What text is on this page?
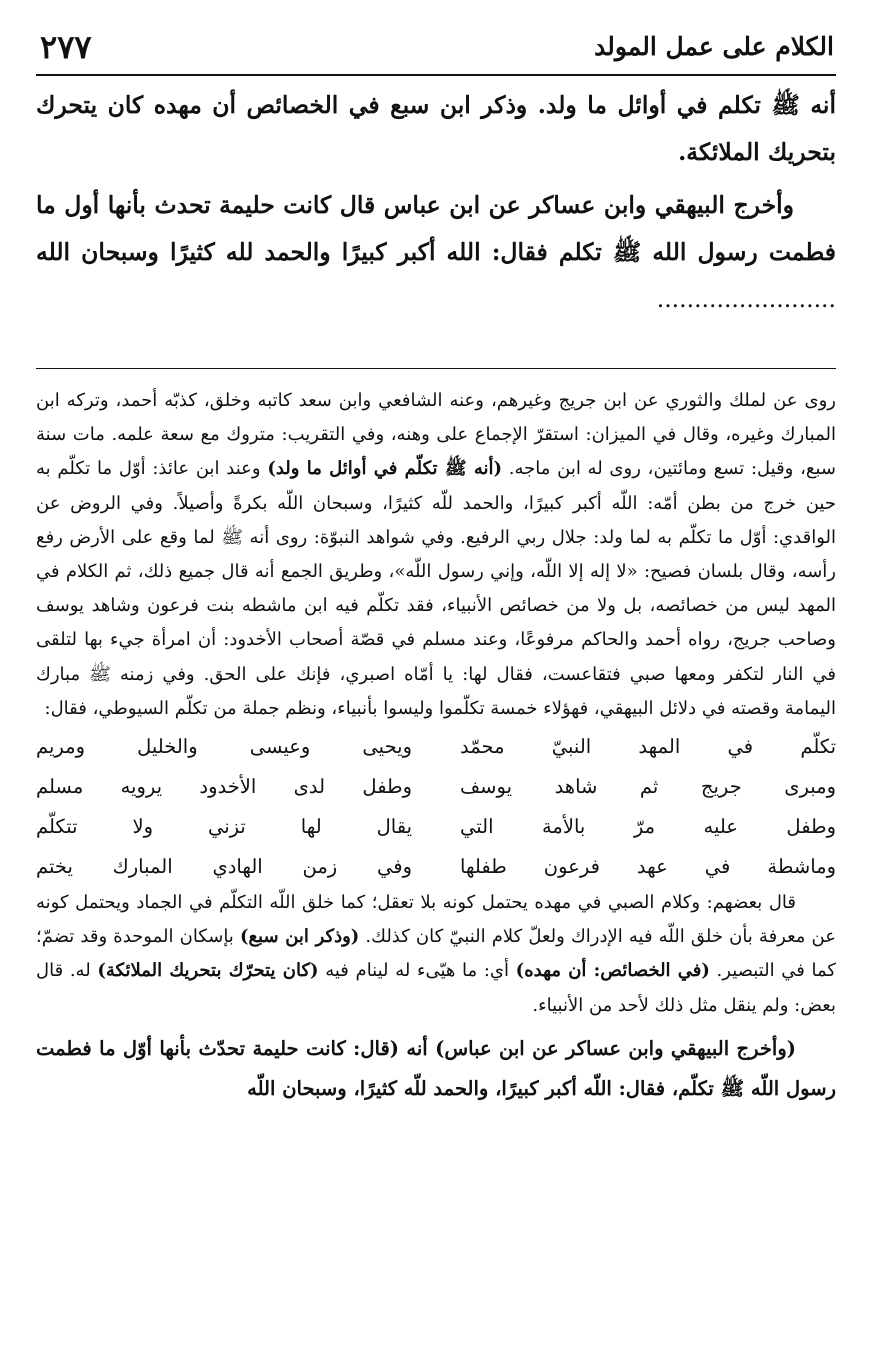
الكلام على عمل المولد
٢٧٧

أنه ﷺ تكلم في أوائل ما ولد. وذكر ابن سبع في الخصائص أن مهده كان يتحرك بتحريك الملائكة.

وأخرج البيهقي وابن عساكر عن ابن عباس قال كانت حليمة تحدث بأنها أول ما فطمت رسول الله ﷺ تكلم فقال: الله أكبر كبيرًا والحمد لله كثيرًا وسبحان الله ........................

روى عن لملك والثوري عن ابن جريج وغيرهم، وعنه الشافعي وابن سعد كاتبه وخلق، كذبّه أحمد، وتركه ابن المبارك وغيره، وقال في الميزان: استقرّ الإجماع على وهنه، وفي التقريب: متروك مع سعة علمه. مات سنة سبع، وقيل: تسع ومائتين، روى له ابن ماجه. (أنه ﷺ تكلّم في أوائل ما ولد) وعند ابن عائذ: أوّل ما تكلّم به حين خرج من بطن أمّه: اللّه أكبر كبيرًا، والحمد للّه كثيرًا، وسبحان اللّه بكرةً وأصيلاً. وفي الروض عن الواقدي: أوّل ما تكلّم به لما ولد: جلال ربي الرفيع. وفي شواهد النبوّة: روى أنه ﷺ لما وقع على الأرض رفع رأسه، وقال بلسان فصيح: «لا إله إلا اللّه، وإني رسول اللّه»، وطريق الجمع أنه قال جميع ذلك، ثم الكلام في المهد ليس من خصائصه، بل ولا من خصائص الأنبياء، فقد تكلّم فيه ابن ماشطه بنت فرعون وشاهد يوسف وصاحب جريج، رواه أحمد والحاكم مرفوعًا، وعند مسلم في قصّة أصحاب الأخدود: أن امرأة جيء بها لتلقى في النار لتكفر ومعها صبي فتقاعست، فقال لها: يا أمّاه اصبري، فإنك على الحق. وفي زمنه ﷺ مبارك اليمامة وقصته في دلائل البيهقي، فهؤلاء خمسة تكلّموا وليسوا بأنبياء، ونظم جملة من تكلّم السيوطي، فقال:

تكلّم في المهد النبيّ محمّد
ويحيى وعيسى والخليل ومريم
ومبرى جريج ثم شاهد يوسف
وطفل لدى الأخدود يرويه مسلم
وطفل عليه مرّ بالأمة التي
يقال لها تزني ولا تتكلّم
وماشطة في عهد فرعون طفلها
وفي زمن الهادي المبارك يختم

قال بعضهم: وكلام الصبي في مهده يحتمل كونه بلا تعقل؛ كما خلق اللّه التكلّم في الجماد ويحتمل كونه عن معرفة بأن خلق اللّه فيه الإدراك ولعلّ كلام النبيّ كان كذلك. (وذكر ابن سبع) بإسكان الموحدة وقد تضمّ؛ كما في التبصير. (في الخصائص: أن مهده) أي: ما هيّىء له لينام فيه (كان يتحرّك بتحريك الملائكة) له. قال بعض: ولم ينقل مثل ذلك لأحد من الأنبياء.

(وأخرج البيهقي وابن عساكر عن ابن عباس) أنه (قال: كانت حليمة تحدّث بأنها أوّل ما فطمت رسول اللّه ﷺ تكلّم، فقال: اللّه أكبر كبيرًا، والحمد للّه كثيرًا، وسبحان اللّه
